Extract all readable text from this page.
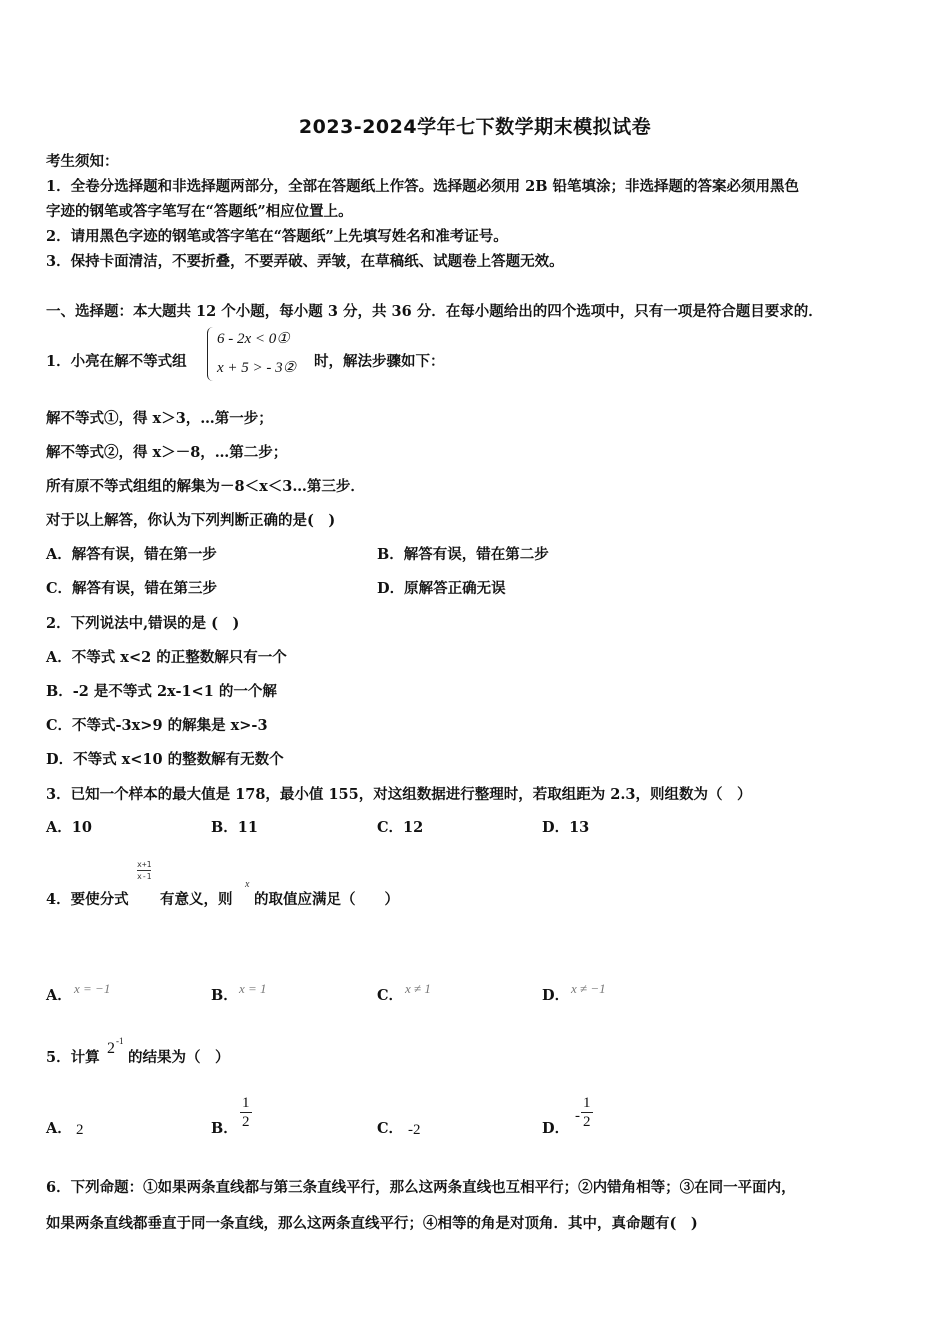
2023-2024学年七下数学期末模拟试卷
考生须知：
1．全卷分选择题和非选择题两部分，全部在答题纸上作答。选择题必须用 2B 铅笔填涂；非选择题的答案必须用黑色
字迹的钢笔或答字笔写在“答题纸”相应位置上。
2．请用黑色字迹的钢笔或答字笔在“答题纸”上先填写姓名和准考证号。
3．保持卡面清洁，不要折叠，不要弄破、弄皱，在草稿纸、试题卷上答题无效。
一、选择题：本大题共 12 个小题，每小题 3 分，共 36 分．在每小题给出的四个选项中，只有一项是符合题目要求的．
1．小亮在解不等式组
6 - 2x < 0①
x + 5 > - 3② 时，解法步骤如下：
解不等式①，得 x＞3，…第一步；
解不等式②，得 x＞－8，…第二步；
所有原不等式组组的解集为－8＜x＜3…第三步．
对于以上解答，你认为下列判断正确的是(　)
A．解答有误，错在第一步	B．解答有误，错在第二步
C．解答有误，错在第三步	D．原解答正确无误
2．下列说法中,错误的是 (　)
A．不等式 x<2 的正整数解只有一个
B．-2 是不等式 2x-1<1 的一个解
C．不等式-3x>9 的解集是 x>-3
D．不等式 x<10 的整数解有无数个
3．已知一个样本的最大值是 178，最小值 155，对这组数据进行整理时，若取组距为 2.3，则组数为（　）
A．10	B．11	C．12	D．13
4．要使分式
$\frac{x+1}{x-1}$
有意义，则
x
的取值应满足（　　）
A． x = −1	B． x = 1	C． x ≠ 1	D． x ≠ −1
5．计算
2 -1
的结果为（　）
A． 2	B． $\frac{1}{2}$	C． -2	D．
- $\frac{1}{2}$
6．下列命题：①如果两条直线都与第三条直线平行，那么这两条直线也互相平行；②内错角相等；③在同一平面内，
如果两条直线都垂直于同一条直线，那么这两条直线平行；④相等的角是对顶角．其中，真命题有(　)
